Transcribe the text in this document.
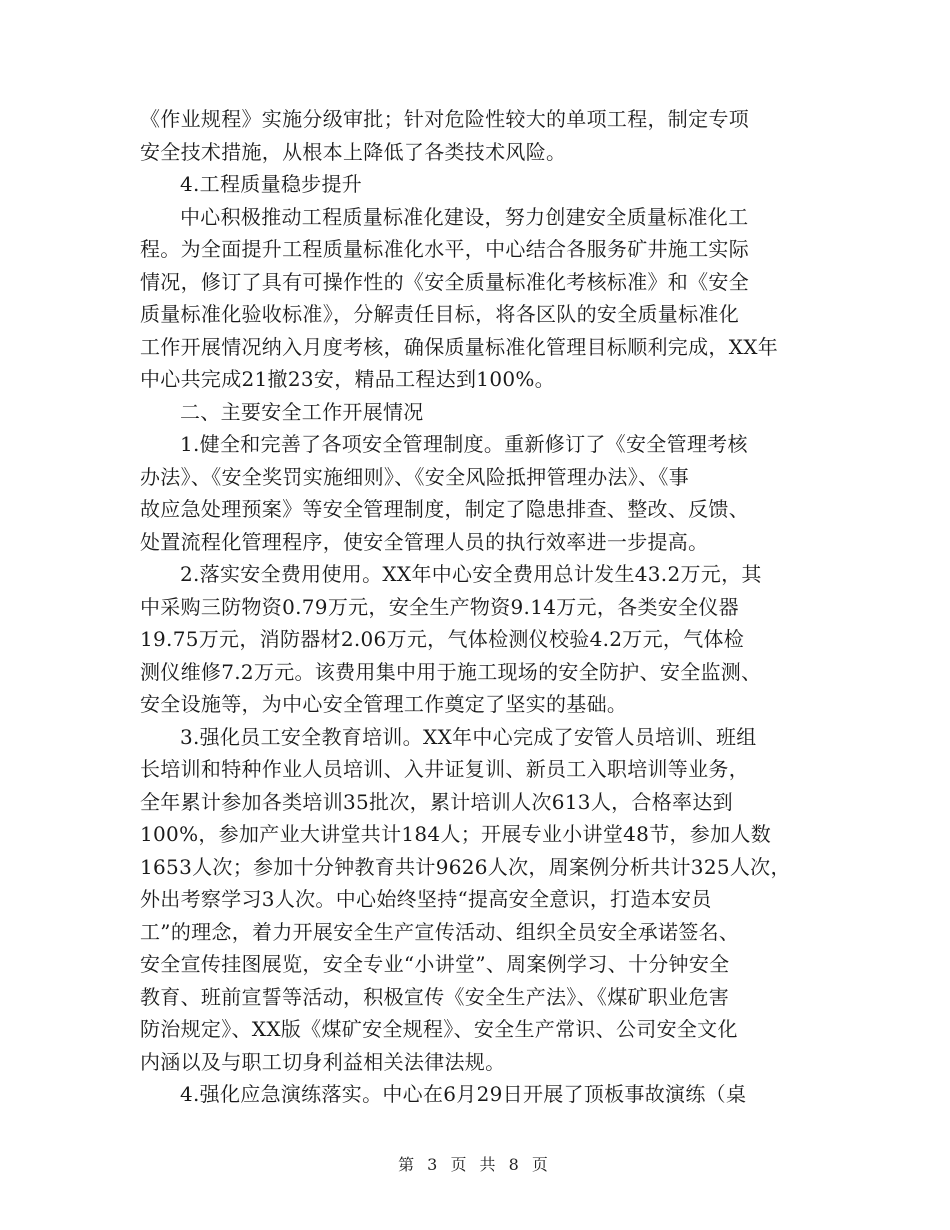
《作业规程》实施分级审批；针对危险性较大的单项工程，制定专项
安全技术措施，从根本上降低了各类技术风险。
4.工程质量稳步提升
中心积极推动工程质量标准化建设，努力创建安全质量标准化工
程。为全面提升工程质量标准化水平，中心结合各服务矿井施工实际
情况，修订了具有可操作性的《安全质量标准化考核标准》和《安全
质量标准化验收标准》，分解责任目标，将各区队的安全质量标准化
工作开展情况纳入月度考核，确保质量标准化管理目标顺利完成，XX年
中心共完成21撤23安，精品工程达到100%。
二、主要安全工作开展情况
1.健全和完善了各项安全管理制度。重新修订了《安全管理考核
办法》、《安全奖罚实施细则》、《安全风险抵押管理办法》、《事
故应急处理预案》等安全管理制度，制定了隐患排查、整改、反馈、
处置流程化管理程序，使安全管理人员的执行效率进一步提高。
2.落实安全费用使用。XX年中心安全费用总计发生43.2万元，其
中采购三防物资0.79万元，安全生产物资9.14万元，各类安全仪器
19.75万元，消防器材2.06万元，气体检测仪校验4.2万元，气体检
测仪维修7.2万元。该费用集中用于施工现场的安全防护、安全监测、
安全设施等，为中心安全管理工作奠定了坚实的基础。
3.强化员工安全教育培训。XX年中心完成了安管人员培训、班组
长培训和特种作业人员培训、入井证复训、新员工入职培训等业务，
全年累计参加各类培训35批次，累计培训人次613人，合格率达到
100%，参加产业大讲堂共计184人；开展专业小讲堂48节，参加人数
1653人次；参加十分钟教育共计9626人次，周案例分析共计325人次，
外出考察学习3人次。中心始终坚持“提高安全意识，打造本安员
工”的理念，着力开展安全生产宣传活动、组织全员安全承诺签名、
安全宣传挂图展览，安全专业“小讲堂”、周案例学习、十分钟安全
教育、班前宣誓等活动，积极宣传《安全生产法》、《煤矿职业危害
防治规定》、XX版《煤矿安全规程》、安全生产常识、公司安全文化
内涵以及与职工切身利益相关法律法规。
4.强化应急演练落实。中心在6月29日开展了顶板事故演练（桌
第 3 页 共 8 页
